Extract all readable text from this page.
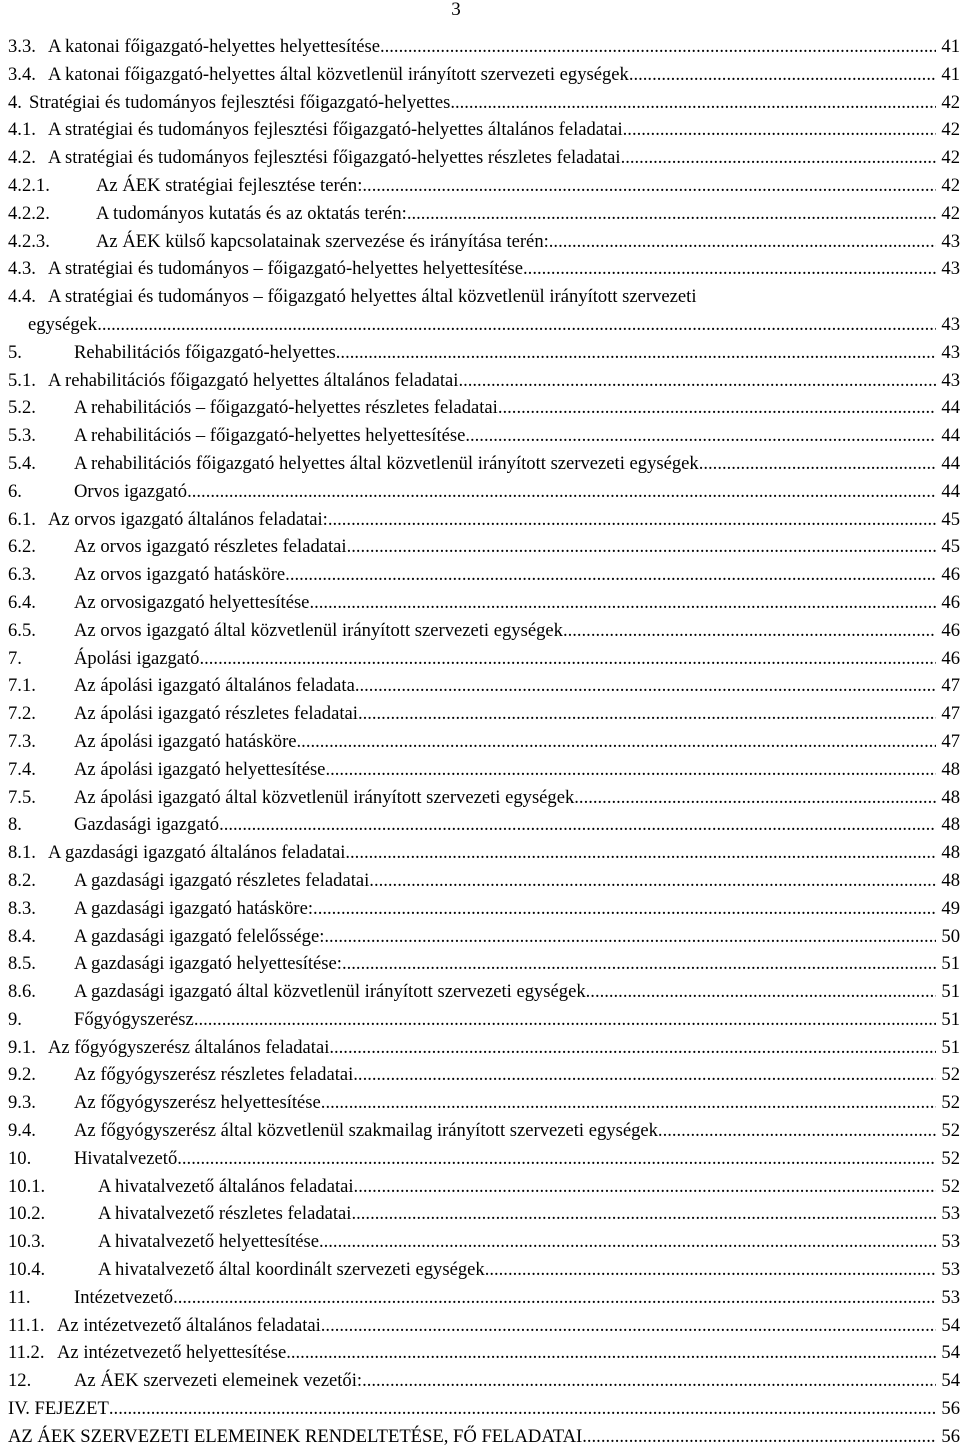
3
3.3. A katonai főigazgató-helyettes helyettesítése .....	41
3.4. A katonai főigazgató-helyettes által közvetlenül irányított szervezeti egységek .....	41
4. Stratégiai és tudományos fejlesztési főigazgató-helyettes .....	42
4.1. A stratégiai és tudományos fejlesztési főigazgató-helyettes általános feladatai .....	42
4.2. A stratégiai és tudományos fejlesztési főigazgató-helyettes részletes feladatai .....	42
4.2.1.	Az ÁEK stratégiai fejlesztése terén: .....	42
4.2.2.	A tudományos kutatás és az oktatás terén: .....	42
4.2.3.	Az ÁEK külső kapcsolatainak szervezése és irányítása terén: .....	43
4.3. A stratégiai és tudományos – főigazgató-helyettes helyettesítése .....	43
4.4. A stratégiai és tudományos – főigazgató helyettes által közvetlenül irányított szervezeti
egységek .....	43
5.	Rehabilitációs főigazgató-helyettes .....	43
5.1. A rehabilitációs főigazgató helyettes általános feladatai .....	43
5.2.	A rehabilitációs – főigazgató-helyettes részletes feladatai .....	44
5.3.	A rehabilitációs – főigazgató-helyettes helyettesítése .....	44
5.4.	A rehabilitációs főigazgató helyettes által közvetlenül irányított szervezeti egységek .....	44
6.	Orvos igazgató .....	44
6.1. Az orvos igazgató általános feladatai: .....	45
6.2.	Az orvos igazgató részletes feladatai .....	45
6.3.	Az orvos igazgató hatásköre .....	46
6.4.	Az orvosigazgató helyettesítése .....	46
6.5.	Az orvos igazgató által közvetlenül irányított szervezeti egységek .....	46
7.	Ápolási igazgató .....	46
7.1.	Az ápolási igazgató általános feladata .....	47
7.2.	Az ápolási igazgató részletes feladatai .....	47
7.3.	Az ápolási igazgató hatásköre .....	47
7.4.	Az ápolási igazgató helyettesítése .....	48
7.5.	Az ápolási igazgató által közvetlenül irányított szervezeti egységek .....	48
8.	Gazdasági igazgató .....	48
8.1. A gazdasági igazgató általános feladatai .....	48
8.2.	A gazdasági igazgató részletes feladatai .....	48
8.3.	A gazdasági igazgató hatásköre: .....	49
8.4.	A gazdasági igazgató felelőssége: .....	50
8.5.	A gazdasági igazgató helyettesítése: .....	51
8.6.	A gazdasági igazgató által közvetlenül irányított szervezeti egységek .....	51
9.	Főgyógyszerész .....	51
9.1. Az főgyógyszerész általános feladatai .....	51
9.2.	Az főgyógyszerész részletes feladatai .....	52
9.3.	Az főgyógyszerész helyettesítése .....	52
9.4.	Az főgyógyszerész által közvetlenül szakmailag irányított szervezeti egységek .....	52
10.	Hivatalvezető .....	52
10.1.	A hivatalvezető általános feladatai .....	52
10.2.	A hivatalvezető részletes feladatai .....	53
10.3.	A hivatalvezető helyettesítése .....	53
10.4.	A hivatalvezető által koordinált szervezeti egységek .....	53
11.	Intézetvezető .....	53
11.1. Az intézetvezető általános feladatai .....	54
11.2. Az intézetvezető helyettesítése .....	54
12.	Az ÁEK szervezeti elemeinek vezetői: .....	54
IV. FEJEZET .....	56
AZ ÁEK SZERVEZETI ELEMEINEK RENDELTETÉSE, FŐ FELADATAI .....	56
